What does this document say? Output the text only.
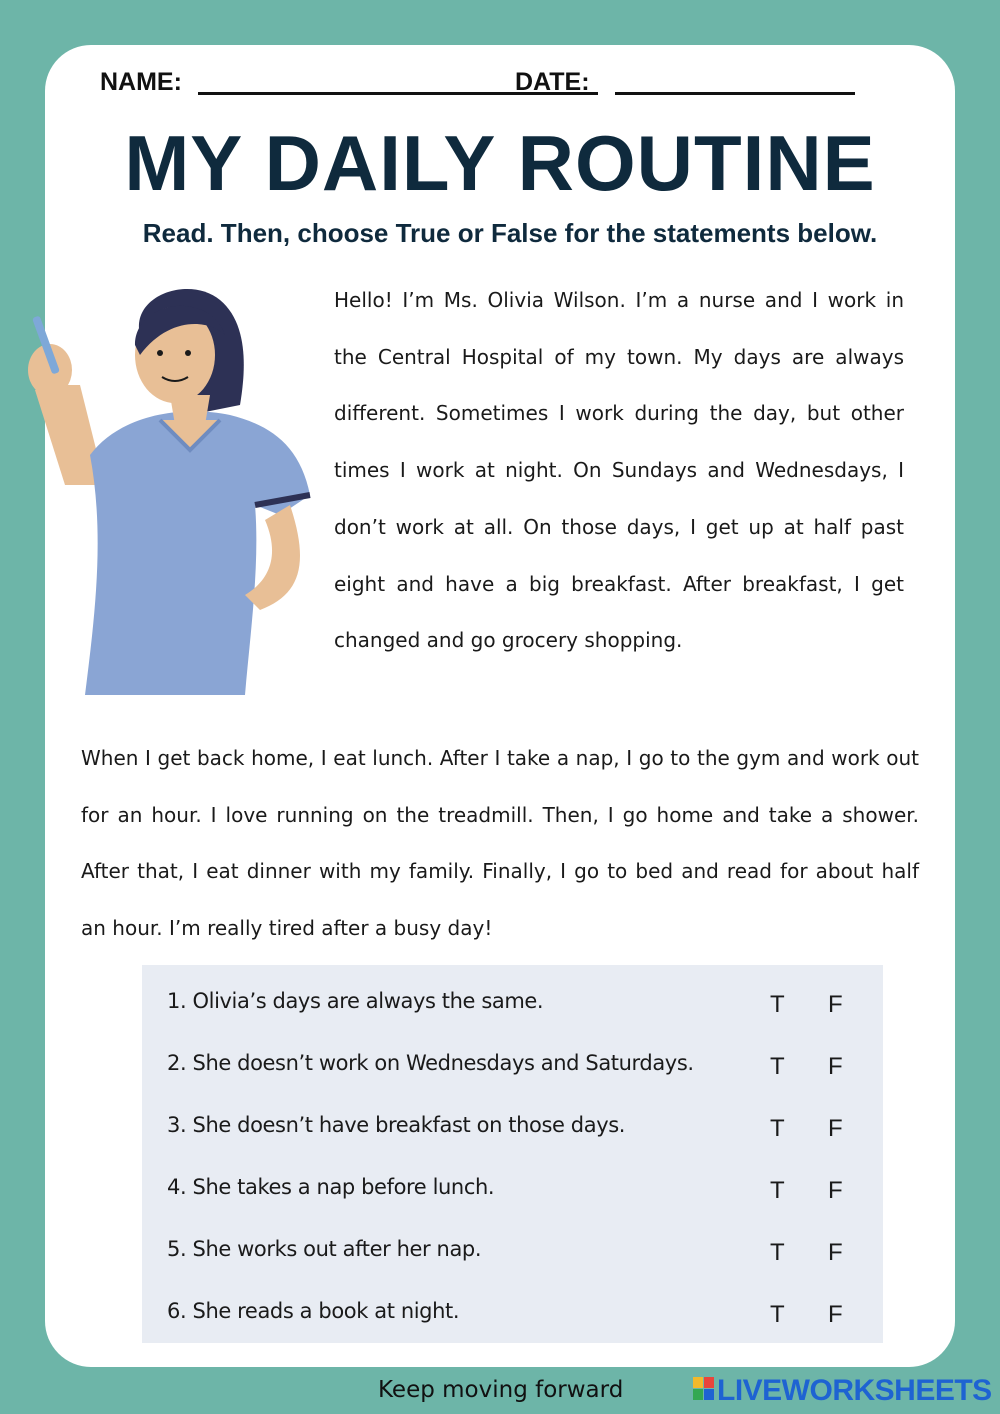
NAME:	DATE:
MY DAILY ROUTINE
Read. Then, choose True or False for the statements below.
Hello! I’m Ms. Olivia Wilson. I’m a nurse and I work in the Central Hospital of my town. My days are always different. Sometimes I work during the day, but other times I work at night. On Sundays and Wednesdays, I don’t work at all. On those days, I get up at half past eight and have a big breakfast. After breakfast, I get changed and go grocery shopping.
When I get back home, I eat lunch. After I take a nap, I go to the gym and work out for an hour. I love running on the treadmill. Then, I go home and take a shower. After that, I eat dinner with my family. Finally, I go to bed and read for about half an hour. I’m really tired after a busy day!
1. Olivia’s days are always the same.	T F
2. She doesn’t work on Wednesdays and Saturdays.	T F
3. She doesn’t have breakfast on those days.	T F
4. She takes a nap before lunch.	T F
5. She works out after her nap.	T F
6. She reads a book at night.	T F
Keep moving forward	LIVEWORKSHEETS
